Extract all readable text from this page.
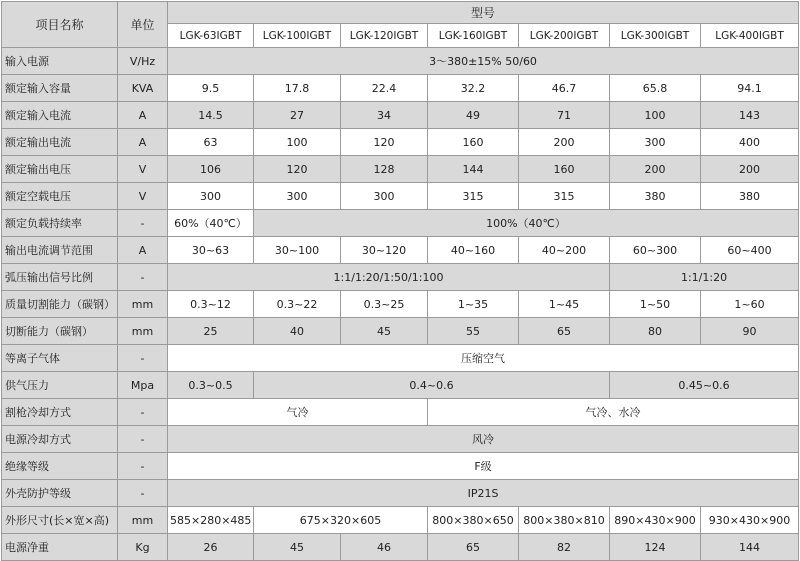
项目名称	单位	型号						
		LGK-63IGBT	LGK-100IGBT	LGK-120IGBT	LGK-160IGBT	LGK-200IGBT	LGK-300IGBT	LGK-400IGBT
输入电源	V/Hz	3～380±15% 50/60						
额定输入容量	KVA	9.5	17.8	22.4	32.2	46.7	65.8	94.1
额定输入电流	A	14.5	27	34	49	71	100	143
额定输出电流	A	63	100	120	160	200	300	400
额定输出电压	V	106	120	128	144	160	200	200
额定空载电压	V	300	300	300	315	315	380	380
额定负载持续率	-	60%（40℃）	100%（40℃）					
输出电流调节范围	A	30~63	30~100	30~120	40~160	40~200	60~300	60~400
弧压输出信号比例	-	1:1/1:20/1:50/1:100					1:1/1:20	
质量切割能力（碳钢）	mm	0.3~12	0.3~22	0.3~25	1~35	1~45	1~50	1~60
切断能力（碳钢）	mm	25	40	45	55	65	80	90
等离子气体	-	压缩空气						
供气压力	Mpa	0.3~0.5	0.4~0.6				0.45~0.6	
割枪冷却方式	-	气冷			气冷、水冷			
电源冷却方式	-	风冷						
绝缘等级	-	F级						
外壳防护等级	-	IP21S						
外形尺寸(长×宽×高)	mm	585×280×485	675×320×605		800×380×650	800×380×810	890×430×900	930×430×900
电源净重	Kg	26	45	46	65	82	124	144
